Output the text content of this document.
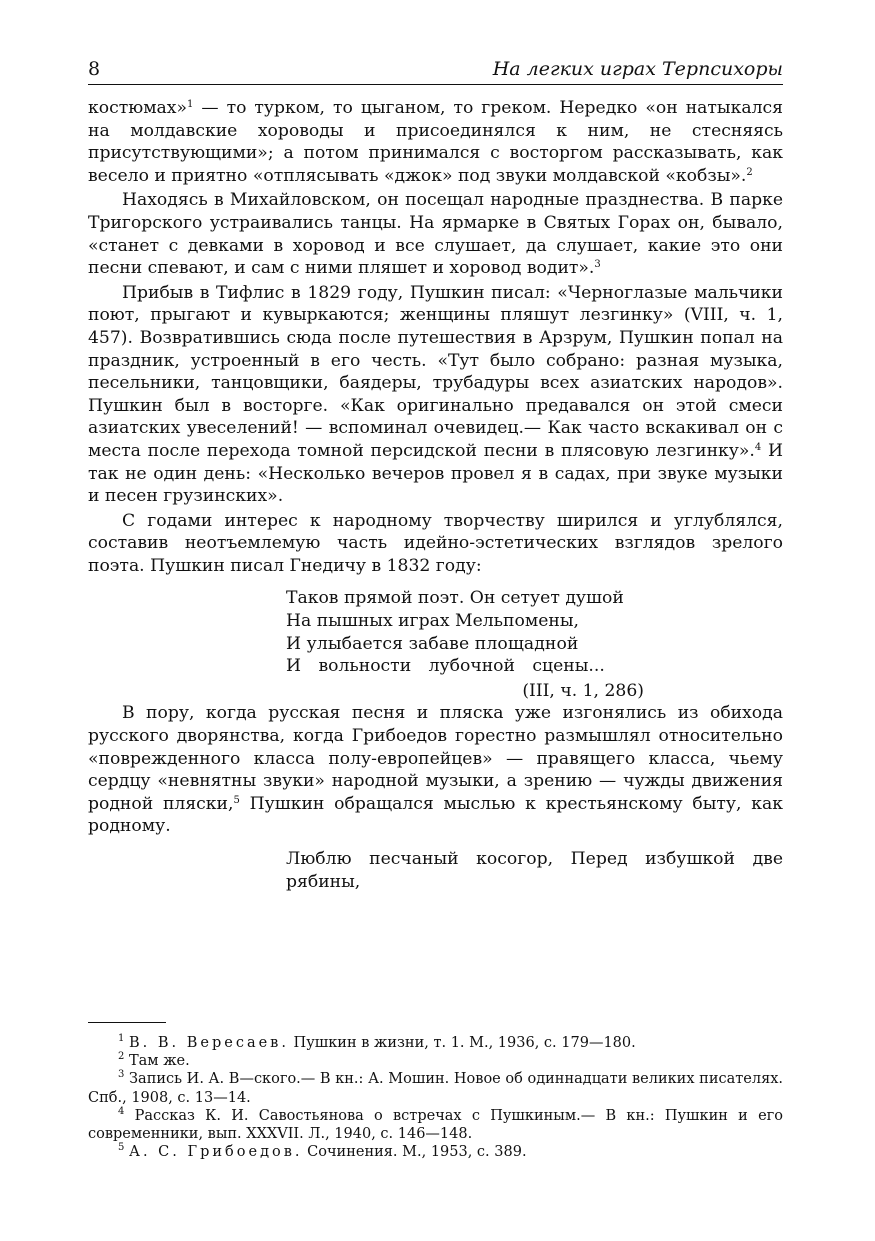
8	На легких играх Терпсихоры

костюмах»$^1$ — то турком, то цыганом, то греком. Нередко «он натыкался на молдавские хороводы и присоединялся к ним, не стесняясь присутствующими»; а потом принимался с восторгом рассказывать, как весело и приятно «отплясывать «джок» под звуки молдавской «кобзы».$^2$

Находясь в Михайловском, он посещал народные празднества. В парке Тригорского устраивались танцы. На ярмарке в Святых Горах он, бывало, «станет с девками в хоровод и все слушает, да слушает, какие это они песни спевают, и сам с ними пляшет и хоровод водит».$^3$

Прибыв в Тифлис в 1829 году, Пушкин писал: «Черноглазые мальчики поют, прыгают и кувыркаются; женщины пляшут лезгинку» (VIII, ч. 1, 457). Возвратившись сюда после путешествия в Арзрум, Пушкин попал на праздник, устроенный в его честь. «Тут было собрано: разная музыка, песельники, танцовщики, баядеры, трубадуры всех азиатских народов». Пушкин был в восторге. «Как оригинально предавался он этой смеси азиатских увеселений! — вспоминал очевидец.— Как часто вскакивал он с места после перехода томной персидской песни в плясовую лезгинку».$^4$ И так не один день: «Несколько вечеров провел я в садах, при звуке музыки и песен грузинских».

С годами интерес к народному творчеству ширился и углублялся, составив неотъемлемую часть идейно-эстетических взглядов зрелого поэта. Пушкин писал Гнедичу в 1832 году:

Таков прямой поэт. Он сетует душой
На пышных играх Мельпомены,
И улыбается забаве площадной
И вольности лубочной сцены...
(III, ч. 1, 286)

В пору, когда русская песня и пляска уже изгонялись из обихода русского дворянства, когда Грибоедов горестно размышлял относительно «поврежденного класса полу-европейцев» — правящего класса, чьему сердцу «невнятны звуки» народной музыки, а зрению — чужды движения родной пляски,$^5$ Пушкин обращался мыслью к крестьянскому быту, как родному.

Люблю песчаный косогор, Перед избушкой две рябины,

$^1$ В. В. Вересаев. Пушкин в жизни, т. 1. М., 1936, с. 179—180.

$^2$ Там же.

$^3$ Запись И. А. В—ского.— В кн.: А. Мошин. Новое об одиннадцати великих писателях. Спб., 1908, с. 13—14.

$^4$ Рассказ К. И. Савостьянова о встречах с Пушкиным.— В кн.: Пушкин и его современники, вып. XXXVII. Л., 1940, с. 146—148.

$^5$ А. С. Грибоедов. Сочинения. М., 1953, с. 389.
